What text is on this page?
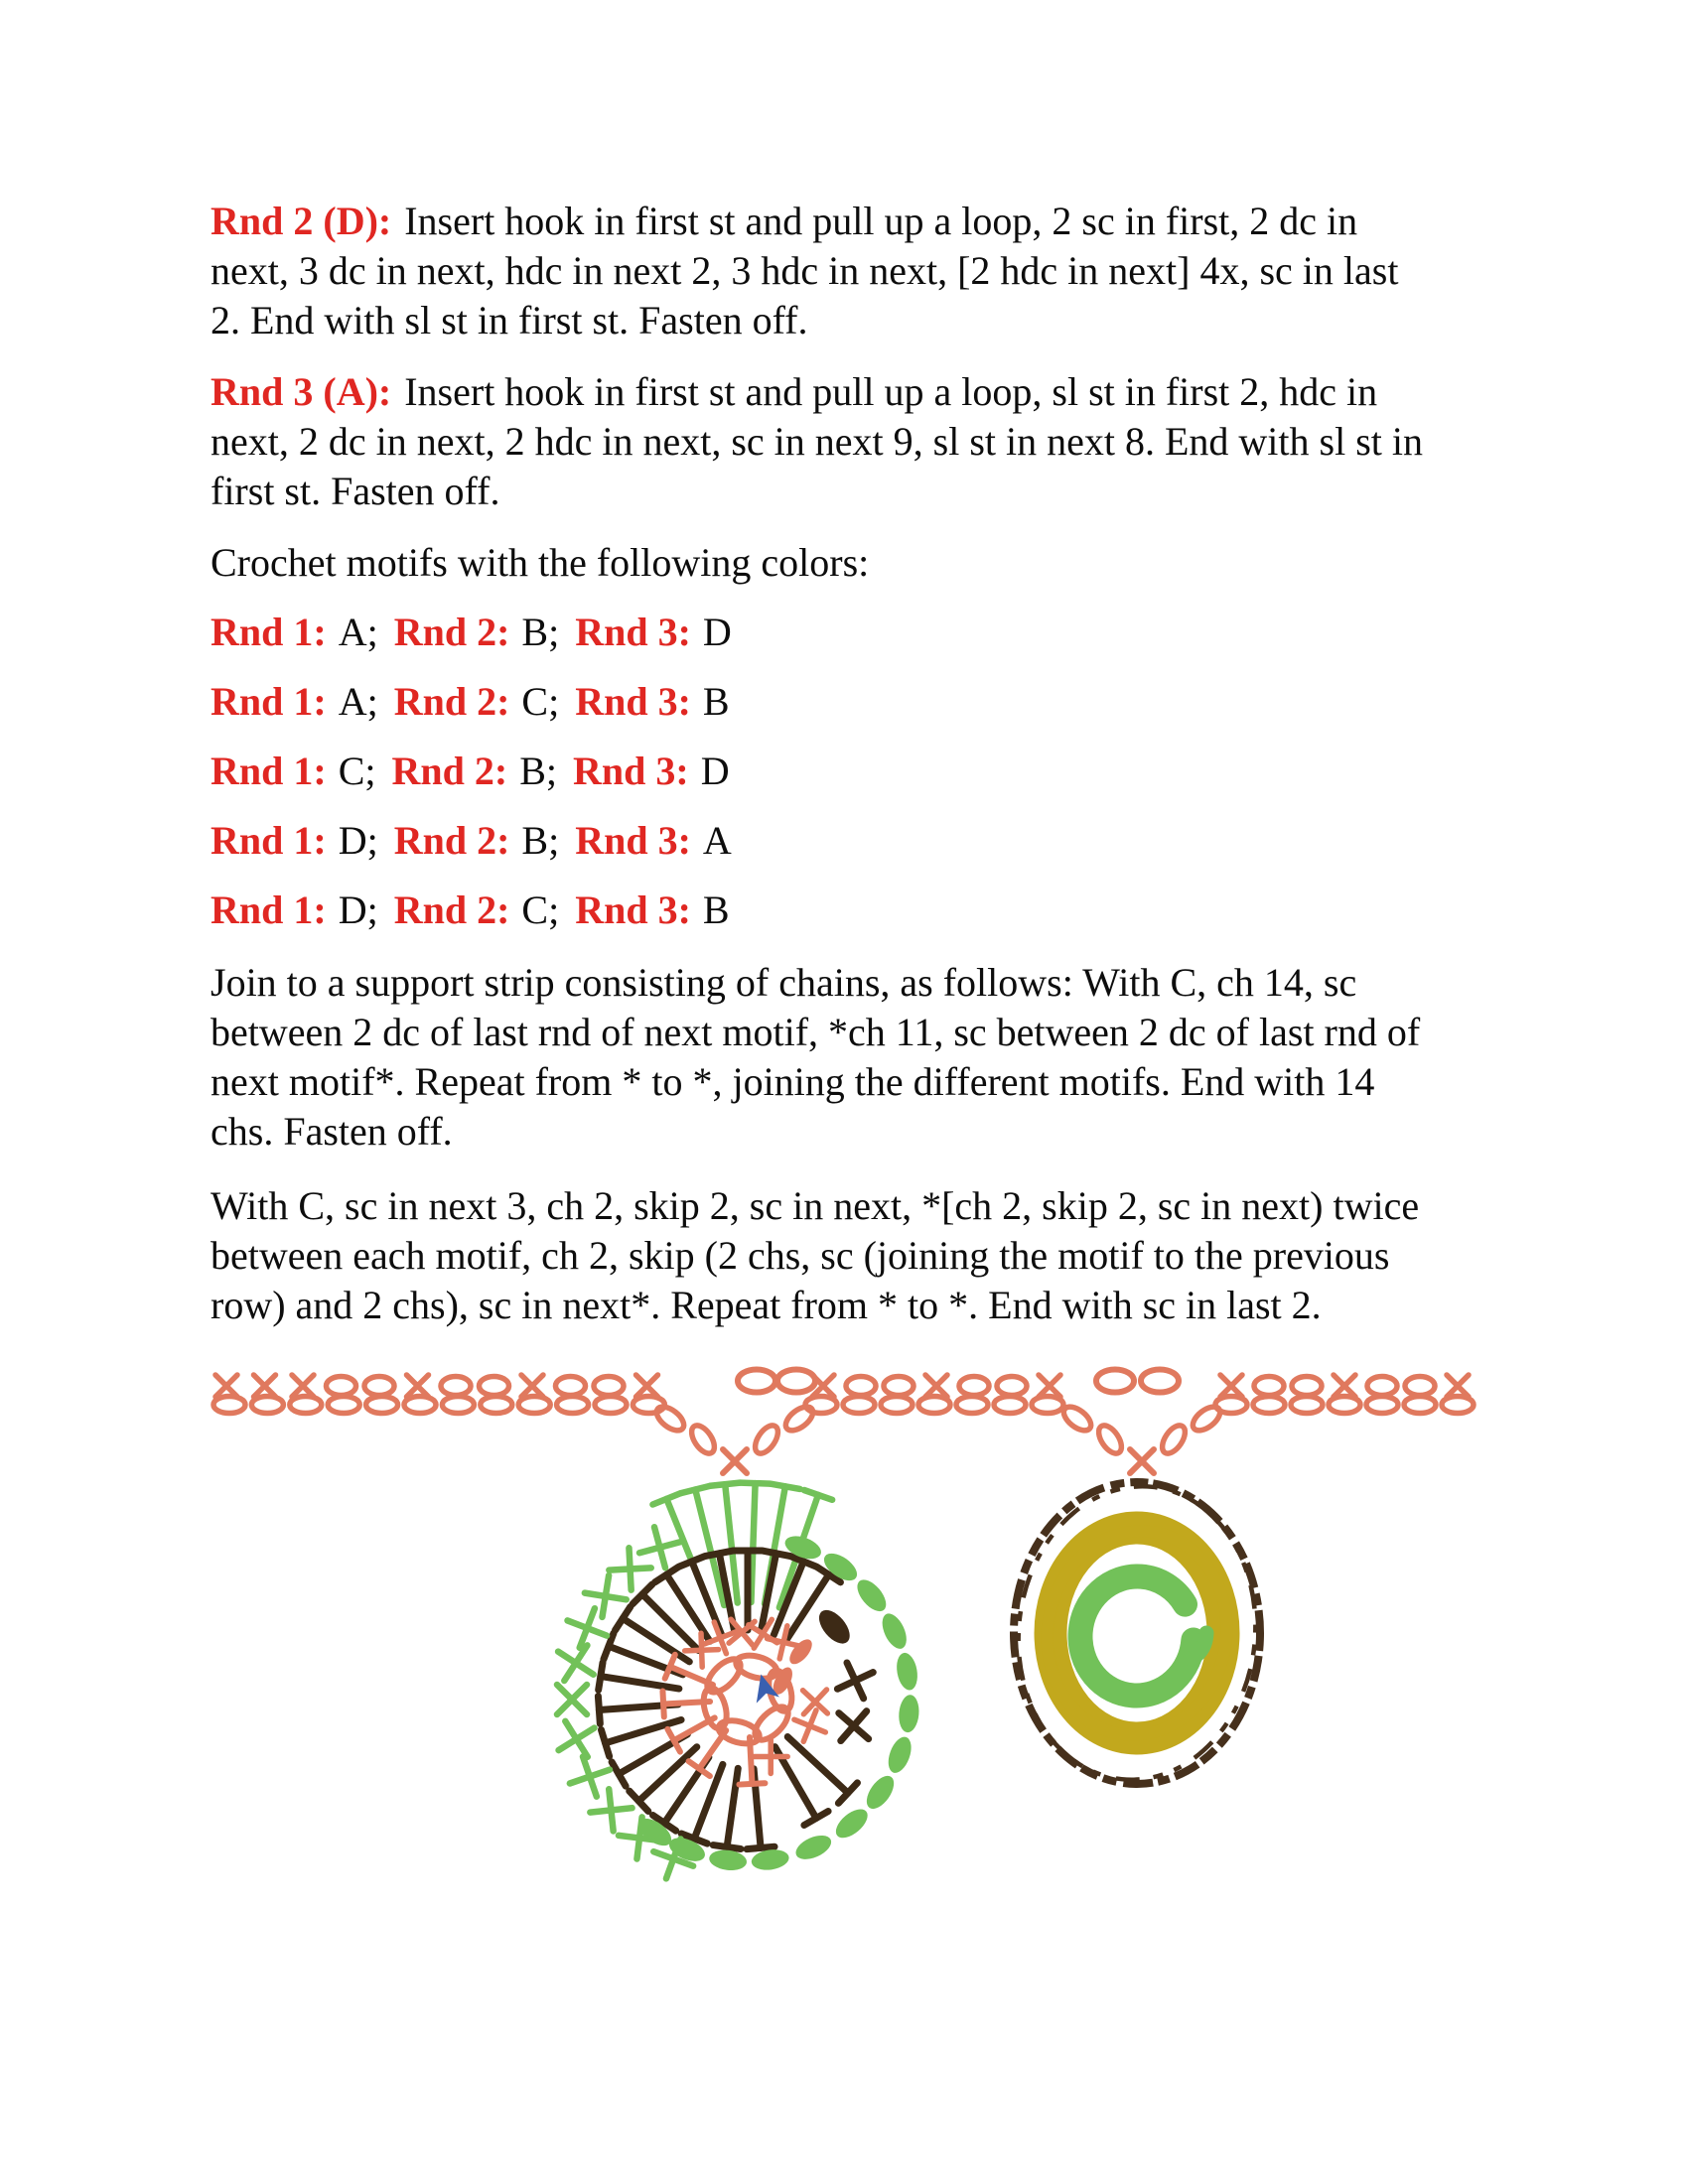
Rnd 2 (D): Insert hook in first st and pull up a loop, 2 sc in first, 2 dc in
next, 3 dc in next, hdc in next 2, 3 hdc in next, [2 hdc in next] 4x, sc in last
2. End with sl st in first st. Fasten off.
Rnd 3 (A): Insert hook in first st and pull up a loop, sl st in first 2, hdc in
next, 2 dc in next, 2 hdc in next, sc in next 9, sl st in next 8. End with sl st in
first st. Fasten off.
Crochet motifs with the following colors:
Rnd 1: A; Rnd 2: B; Rnd 3: D
Rnd 1: A; Rnd 2: C; Rnd 3: B
Rnd 1: C; Rnd 2: B; Rnd 3: D
Rnd 1: D; Rnd 2: B; Rnd 3: A
Rnd 1: D; Rnd 2: C; Rnd 3: B
Join to a support strip consisting of chains, as follows: With C, ch 14, sc
between 2 dc of last rnd of next motif, *ch 11, sc between 2 dc of last rnd of
next motif*. Repeat from * to *, joining the different motifs. End with 14
chs. Fasten off.
With C, sc in next 3, ch 2, skip 2, sc in next, *[ch 2, skip 2, sc in next) twice
between each motif, ch 2, skip (2 chs, sc (joining the motif to the previous
row) and 2 chs), sc in next*. Repeat from * to *. End with sc in last 2.
